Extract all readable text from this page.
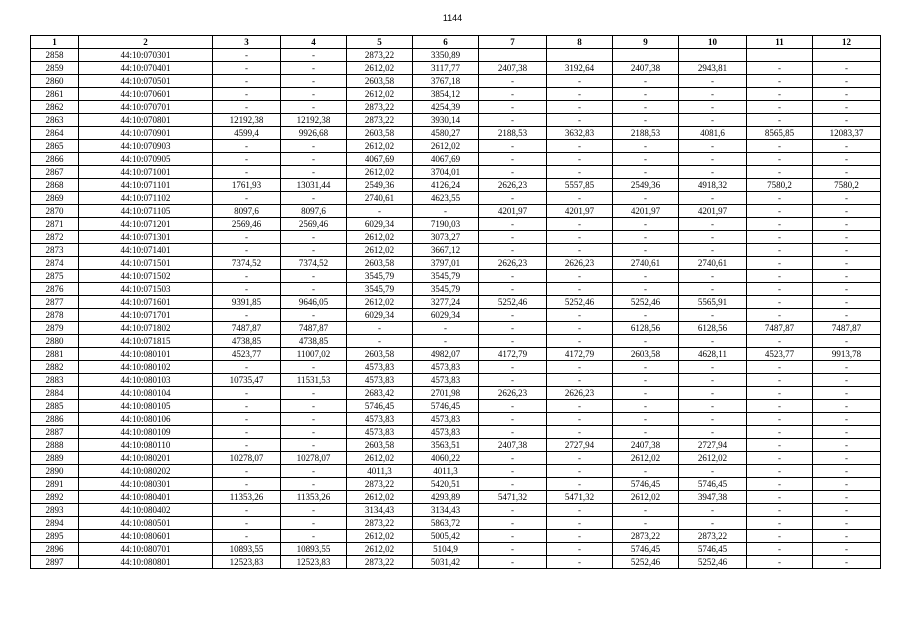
1144
1	2	3	4	5	6	7	8	9	10	11	12
2858	44:10:070301	-	-	2873,22	3350,89						
2859	44:10:070401	-	-	2612,02	3117,77	2407,38	3192,64	2407,38	2943,81	-	-
2860	44:10:070501	-	-	2603,58	3767,18	-	-	-	-	-	-
2861	44:10:070601	-	-	2612,02	3854,12	-	-	-	-	-	-
2862	44:10:070701	-	-	2873,22	4254,39	-	-	-	-	-	-
2863	44:10:070801	12192,38	12192,38	2873,22	3930,14	-	-	-	-	-	-
2864	44:10:070901	4599,4	9926,68	2603,58	4580,27	2188,53	3632,83	2188,53	4081,6	8565,85	12083,37
2865	44:10:070903	-	-	2612,02	2612,02	-	-	-	-	-	-
2866	44:10:070905	-	-	4067,69	4067,69	-	-	-	-	-	-
2867	44:10:071001	-	-	2612,02	3704,01	-	-	-	-	-	-
2868	44:10:071101	1761,93	13031,44	2549,36	4126,24	2626,23	5557,85	2549,36	4918,32	7580,2	7580,2
2869	44:10:071102	-	-	2740,61	4623,55	-	-	-	-	-	-
2870	44:10:071105	8097,6	8097,6	-	-	4201,97	4201,97	4201,97	4201,97	-	-
2871	44:10:071201	2569,46	2569,46	6029,34	7190,03	-	-	-	-	-	-
2872	44:10:071301	-	-	2612,02	3073,27	-	-	-	-	-	-
2873	44:10:071401	-	-	2612,02	3667,12	-	-	-	-	-	-
2874	44:10:071501	7374,52	7374,52	2603,58	3797,01	2626,23	2626,23	2740,61	2740,61	-	-
2875	44:10:071502	-	-	3545,79	3545,79	-	-	-	-	-	-
2876	44:10:071503	-	-	3545,79	3545,79	-	-	-	-	-	-
2877	44:10:071601	9391,85	9646,05	2612,02	3277,24	5252,46	5252,46	5252,46	5565,91	-	-
2878	44:10:071701	-	-	6029,34	6029,34	-	-	-	-	-	-
2879	44:10:071802	7487,87	7487,87	-	-	-	-	6128,56	6128,56	7487,87	7487,87
2880	44:10:071815	4738,85	4738,85	-	-	-	-	-	-	-	-
2881	44:10:080101	4523,77	11007,02	2603,58	4982,07	4172,79	4172,79	2603,58	4628,11	4523,77	9913,78
2882	44:10:080102	-	-	4573,83	4573,83	-	-	-	-	-	-
2883	44:10:080103	10735,47	11531,53	4573,83	4573,83	-	-	-	-	-	-
2884	44:10:080104	-	-	2683,42	2701,98	2626,23	2626,23	-	-	-	-
2885	44:10:080105	-	-	5746,45	5746,45	-	-	-	-	-	-
2886	44:10:080106	-	-	4573,83	4573,83	-	-	-	-	-	-
2887	44:10:080109	-	-	4573,83	4573,83	-	-	-	-	-	-
2888	44:10:080110	-	-	2603,58	3563,51	2407,38	2727,94	2407,38	2727,94	-	-
2889	44:10:080201	10278,07	10278,07	2612,02	4060,22	-	-	2612,02	2612,02	-	-
2890	44:10:080202	-	-	4011,3	4011,3	-	-	-	-	-	-
2891	44:10:080301	-	-	2873,22	5420,51	-	-	5746,45	5746,45	-	-
2892	44:10:080401	11353,26	11353,26	2612,02	4293,89	5471,32	5471,32	2612,02	3947,38	-	-
2893	44:10:080402	-	-	3134,43	3134,43	-	-	-	-	-	-
2894	44:10:080501	-	-	2873,22	5863,72	-	-	-	-	-	-
2895	44:10:080601	-	-	2612,02	5005,42	-	-	2873,22	2873,22	-	-
2896	44:10:080701	10893,55	10893,55	2612,02	5104,9	-	-	5746,45	5746,45	-	-
2897	44:10:080801	12523,83	12523,83	2873,22	5031,42	-	-	5252,46	5252,46	-	-
